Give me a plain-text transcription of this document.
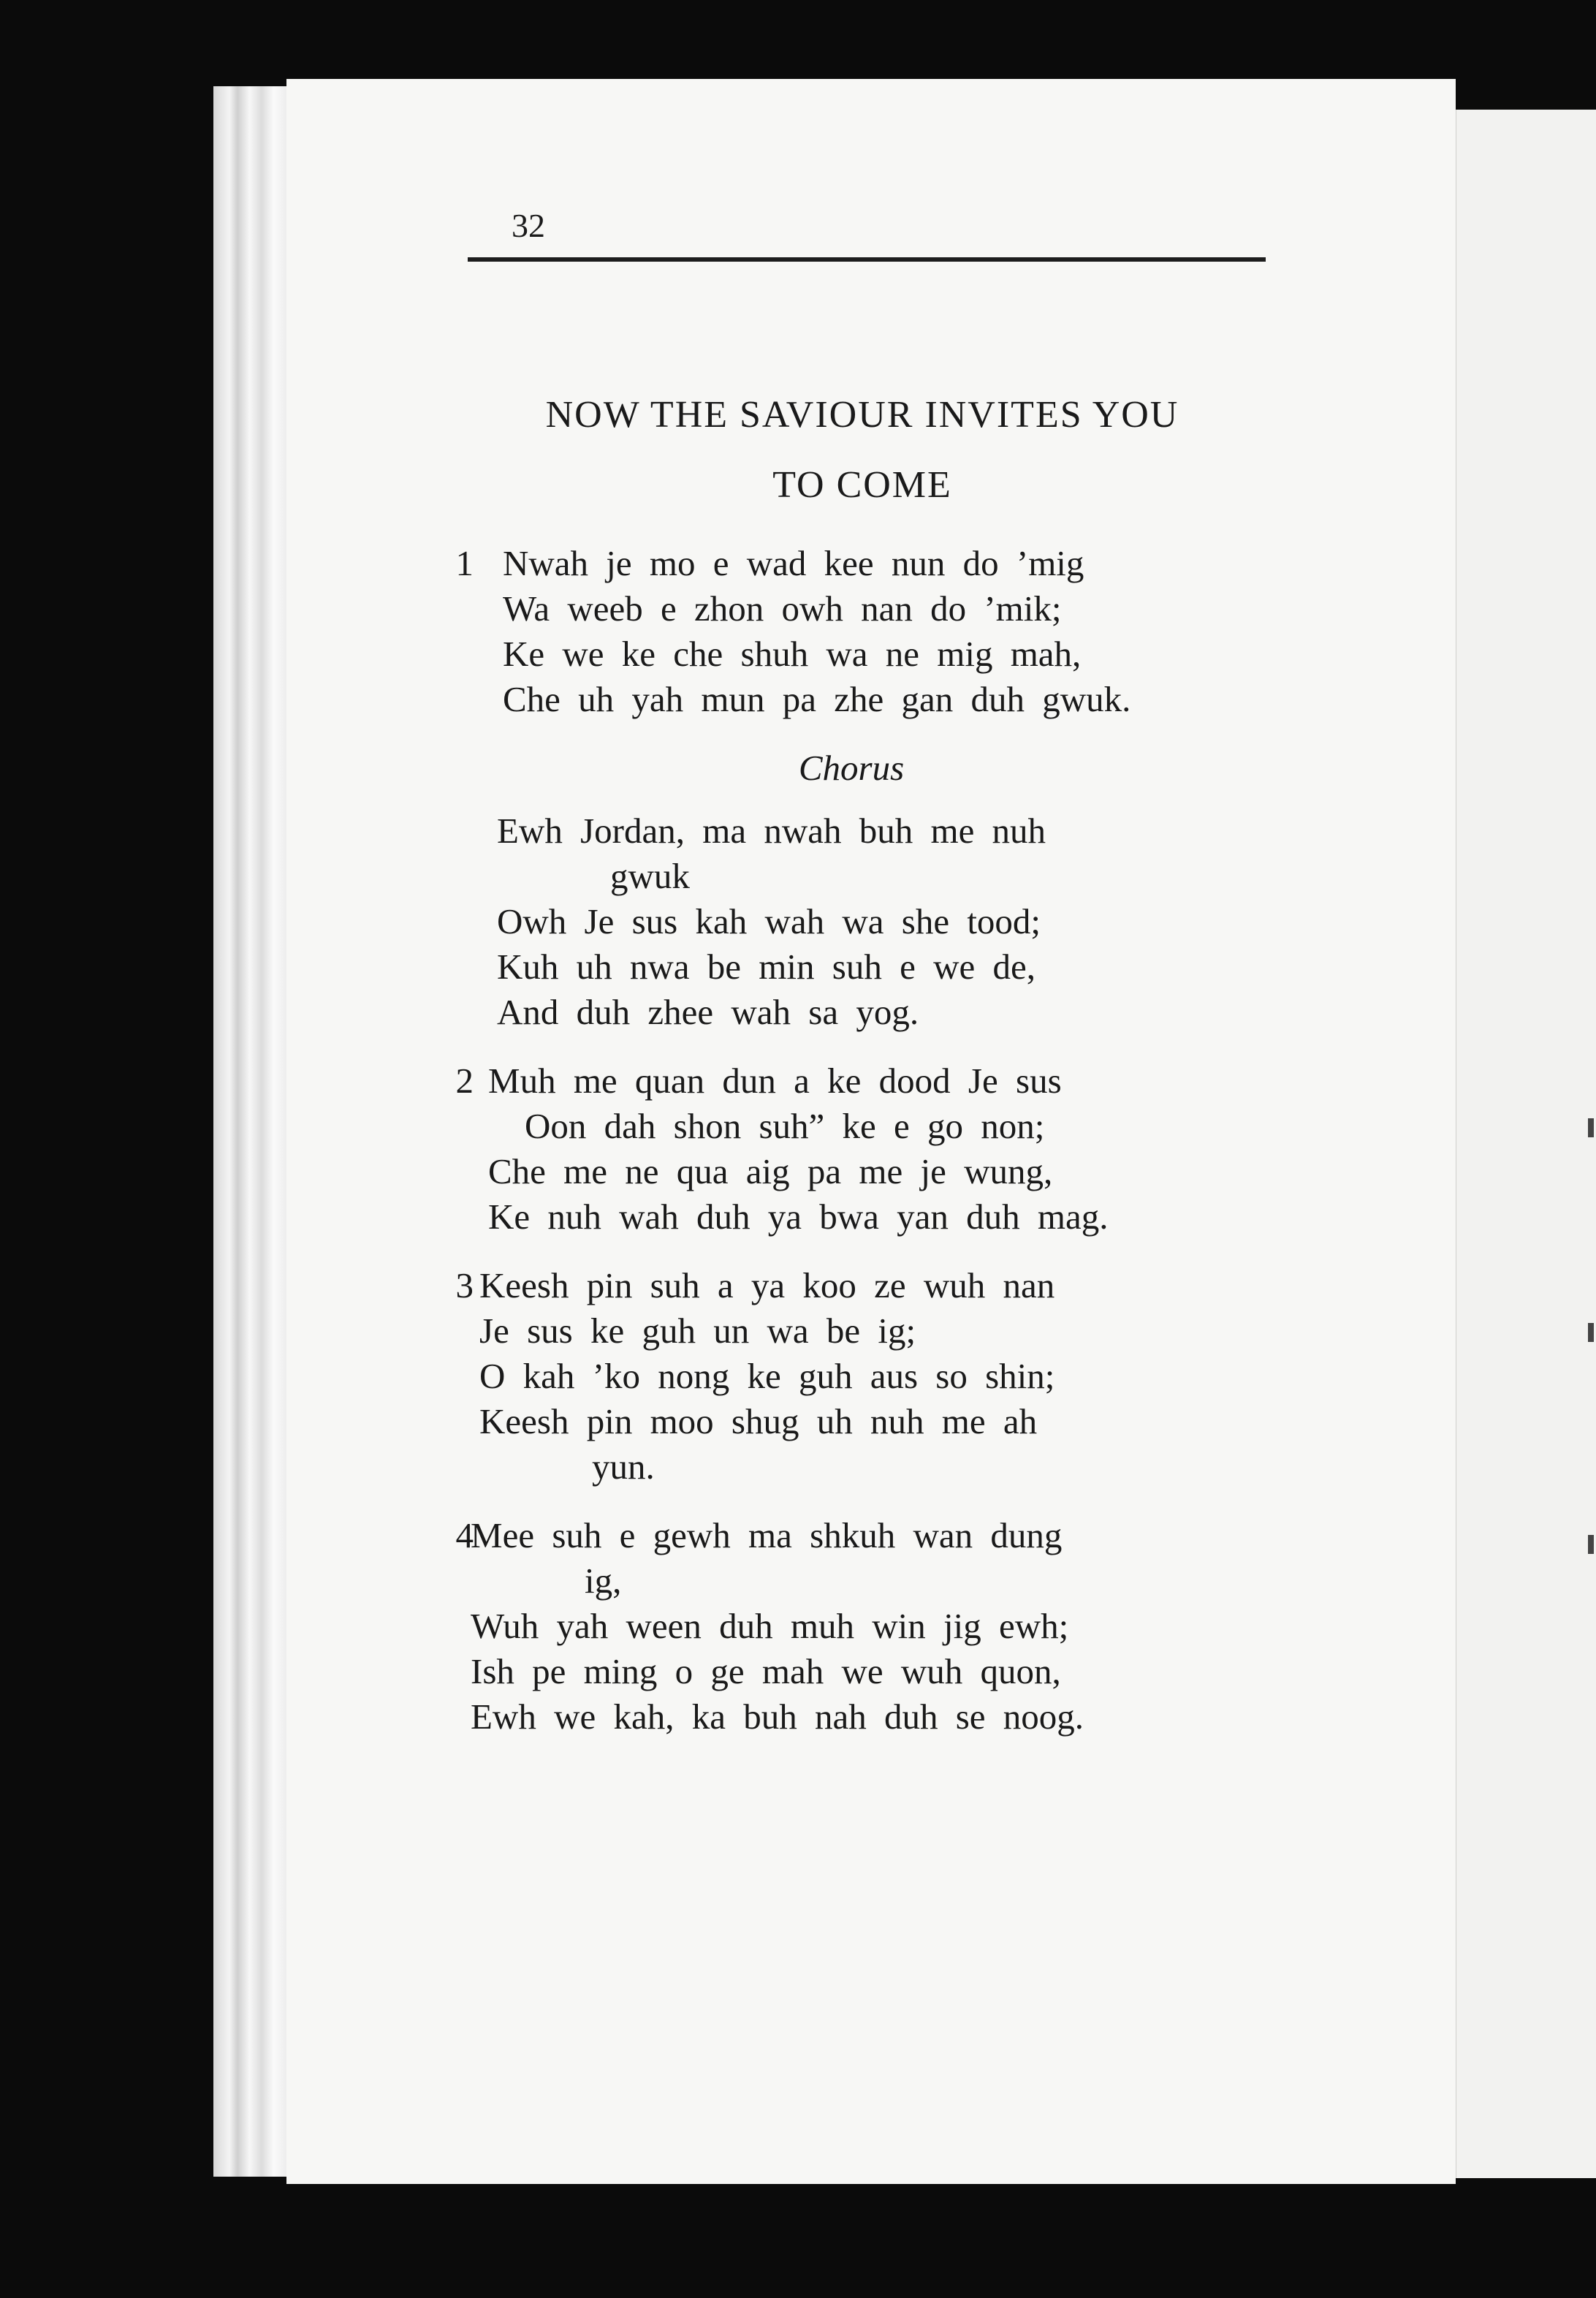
32
NOW THE SAVIOUR INVITES YOU
TO COME
1 Nwah je mo e wad kee nun do ’mig
Wa weeb e zhon owh nan do ’mik;
Ke we ke che shuh wa ne mig mah,
Che uh yah mun pa zhe gan duh gwuk.
Chorus
Ewh Jordan, ma nwah buh me nuh
gwuk
Owh Je sus kah wah wa she tood;
Kuh uh nwa be min suh e we de,
And duh zhee wah sa yog.
2 Muh me quan dun a ke dood Je sus
Oon dah shon suh” ke e go non;
Che me ne qua aig pa me je wung,
Ke nuh wah duh ya bwa yan duh mag.
3 Keesh pin suh a ya koo ze wuh nan
Je sus ke guh un wa be ig;
O kah ’ko nong ke guh aus so shin;
Keesh pin moo shug uh nuh me ah
yun.
4
Mee suh e gewh ma shkuh wan dung
ig,
Wuh yah ween duh muh win jig ewh;
Ish pe ming o ge mah we wuh quon,
Ewh we kah, ka buh nah duh se noog.
